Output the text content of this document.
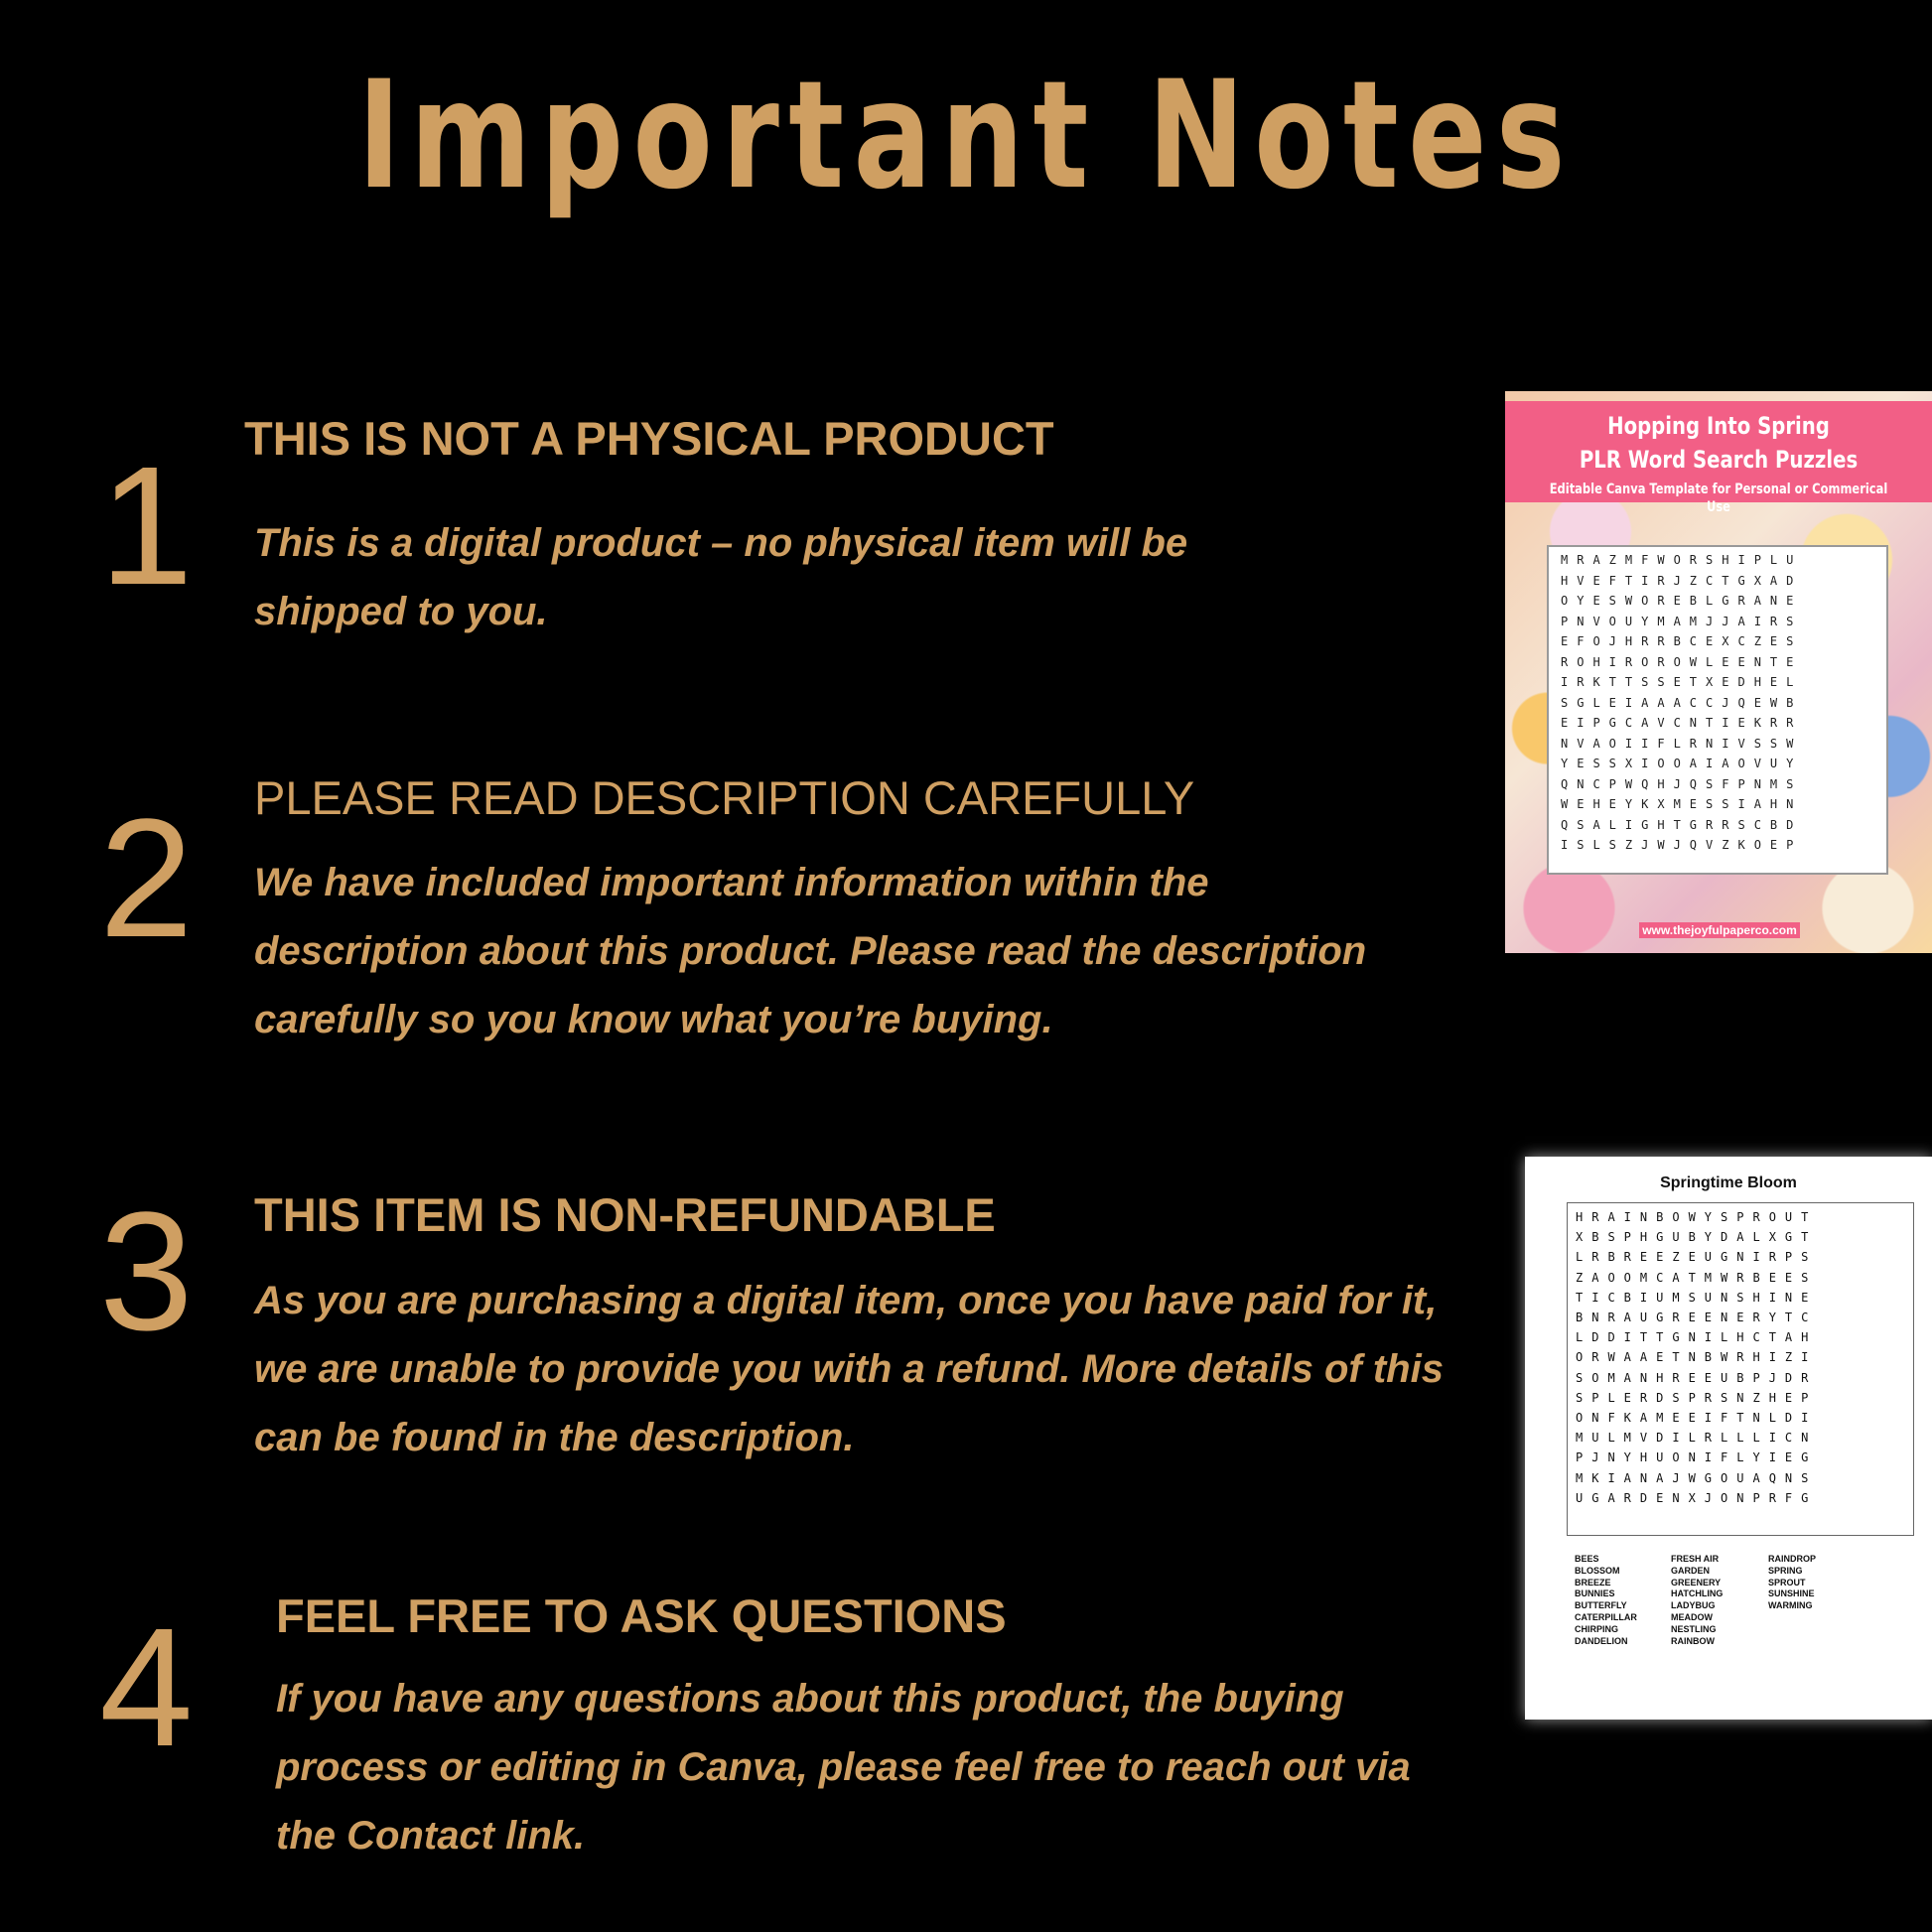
Important Notes
1 THIS IS NOT A PHYSICAL PRODUCT
This is a digital product – no physical item will be shipped to you.
2 PLEASE READ DESCRIPTION CAREFULLY
We have included important information within the description about this product. Please read the description carefully so you know what you’re buying.
3 THIS ITEM IS NON-REFUNDABLE
As you are purchasing a digital item, once you have paid for it, we are unable to provide you with a refund. More details of this can be found in the description.
4 FEEL FREE TO ASK QUESTIONS
If you have any questions about this product, the buying process or editing in Canva, please feel free to reach out via the Contact link.
Hopping Into Spring
PLR Word Search Puzzles
Editable Canva Template for Personal or Commerical Use
MRAZMFWORSHIPLU
HVEFTIRJZCTGXAD
OYESWOREBLGRANE
PNVOUYMAMJJAIRS
EFOJHRRBCEXCZES
ROHIROROWLEENTE
IRKTTSSETXEDHEL
SGLEIAAACCJQEWB
EIPGCAVCNTIEKRR
NVAOIIFLRNIVSSW
YESSXIOOAIAOVUY
QNCPWQHJQSFPNMS
WEHEYKXMESSIAHN
QSALIGHTGRRSCBD
ISLSZJWJQVZKOEP
www.thejoyfulpaperco.com
Springtime Bloom
HRAINBOWYSPROUT
XBSPHGUBYDALXGT
LRBREEZEUGNIRPS
ZAOOMCATMWRBEES
TICBIUMSUNSHINE
BNRAUGREENERYTC
LDDITTGNILHCTAH
ORWAAETNBWRHIZI
SOMANHREEUBPJDR
SPLERDSPRSNZHEP
ONFKAMEEIFTNLDI
MULMVDILRLLLICN
PJNYHUONIFLYIEG
MKIANAJWGOUAQNS
UGARDENXJONPRFG
BEES
BLOSSOM
BREEZE
BUNNIES
BUTTERFLY
CATERPILLAR
CHIRPING
DANDELION
FRESH AIR
GARDEN
GREENERY
HATCHLING
LADYBUG
MEADOW
NESTLING
RAINBOW
RAINDROP
SPRING
SPROUT
SUNSHINE
WARMING
